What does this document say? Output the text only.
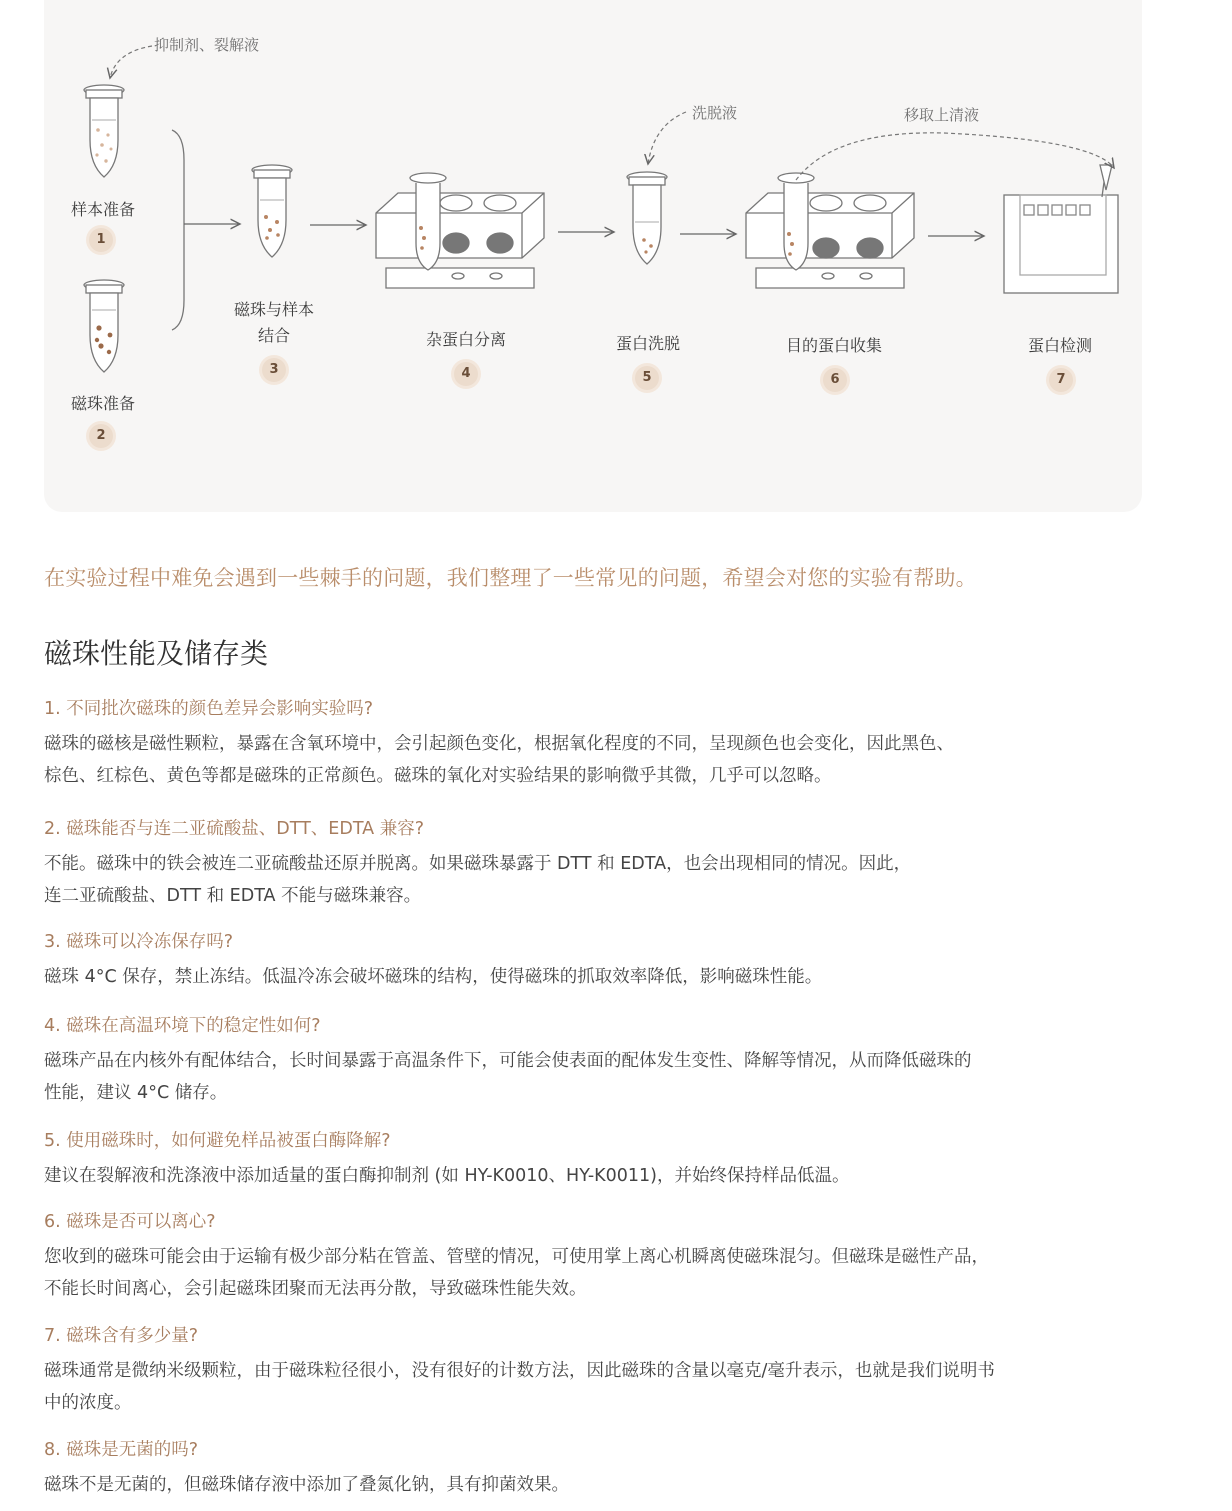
抑制剂、裂解液
洗脱液	移取上清液
样本准备
1
磁珠准备
2
磁珠与样本
结合
3
杂蛋白分离
4
蛋白洗脱
5
目的蛋白收集
6
蛋白检测
7
在实验过程中难免会遇到一些棘手的问题，我们整理了一些常见的问题，希望会对您的实验有帮助。
磁珠性能及储存类

1. 不同批次磁珠的颜色差异会影响实验吗?

磁珠的磁核是磁性颗粒，暴露在含氧环境中，会引起颜色变化，根据氧化程度的不同，呈现颜色也会变化，因此黑色、
棕色、红棕色、黄色等都是磁珠的正常颜色。磁珠的氧化对实验结果的影响微乎其微，几乎可以忽略。

2. 磁珠能否与连二亚硫酸盐、DTT、EDTA 兼容?

不能。磁珠中的铁会被连二亚硫酸盐还原并脱离。如果磁珠暴露于 DTT 和 EDTA，也会出现相同的情况。因此，
连二亚硫酸盐、DTT 和 EDTA 不能与磁珠兼容。

3. 磁珠可以冷冻保存吗?

磁珠 4°C 保存，禁止冻结。低温冷冻会破坏磁珠的结构，使得磁珠的抓取效率降低，影响磁珠性能。

4. 磁珠在高温环境下的稳定性如何?

磁珠产品在内核外有配体结合，长时间暴露于高温条件下，可能会使表面的配体发生变性、降解等情况，从而降低磁珠的
性能，建议 4°C 储存。

5. 使用磁珠时，如何避免样品被蛋白酶降解?

建议在裂解液和洗涤液中添加适量的蛋白酶抑制剂 (如 HY-K0010、HY-K0011)，并始终保持样品低温。

6. 磁珠是否可以离心?

您收到的磁珠可能会由于运输有极少部分粘在管盖、管壁的情况，可使用掌上离心机瞬离使磁珠混匀。但磁珠是磁性产品，
不能长时间离心，会引起磁珠团聚而无法再分散，导致磁珠性能失效。

7. 磁珠含有多少量?

磁珠通常是微纳米级颗粒，由于磁珠粒径很小，没有很好的计数方法，因此磁珠的含量以毫克/毫升表示，也就是我们说明书
中的浓度。

8. 磁珠是无菌的吗?

磁珠不是无菌的，但磁珠储存液中添加了叠氮化钠，具有抑菌效果。
